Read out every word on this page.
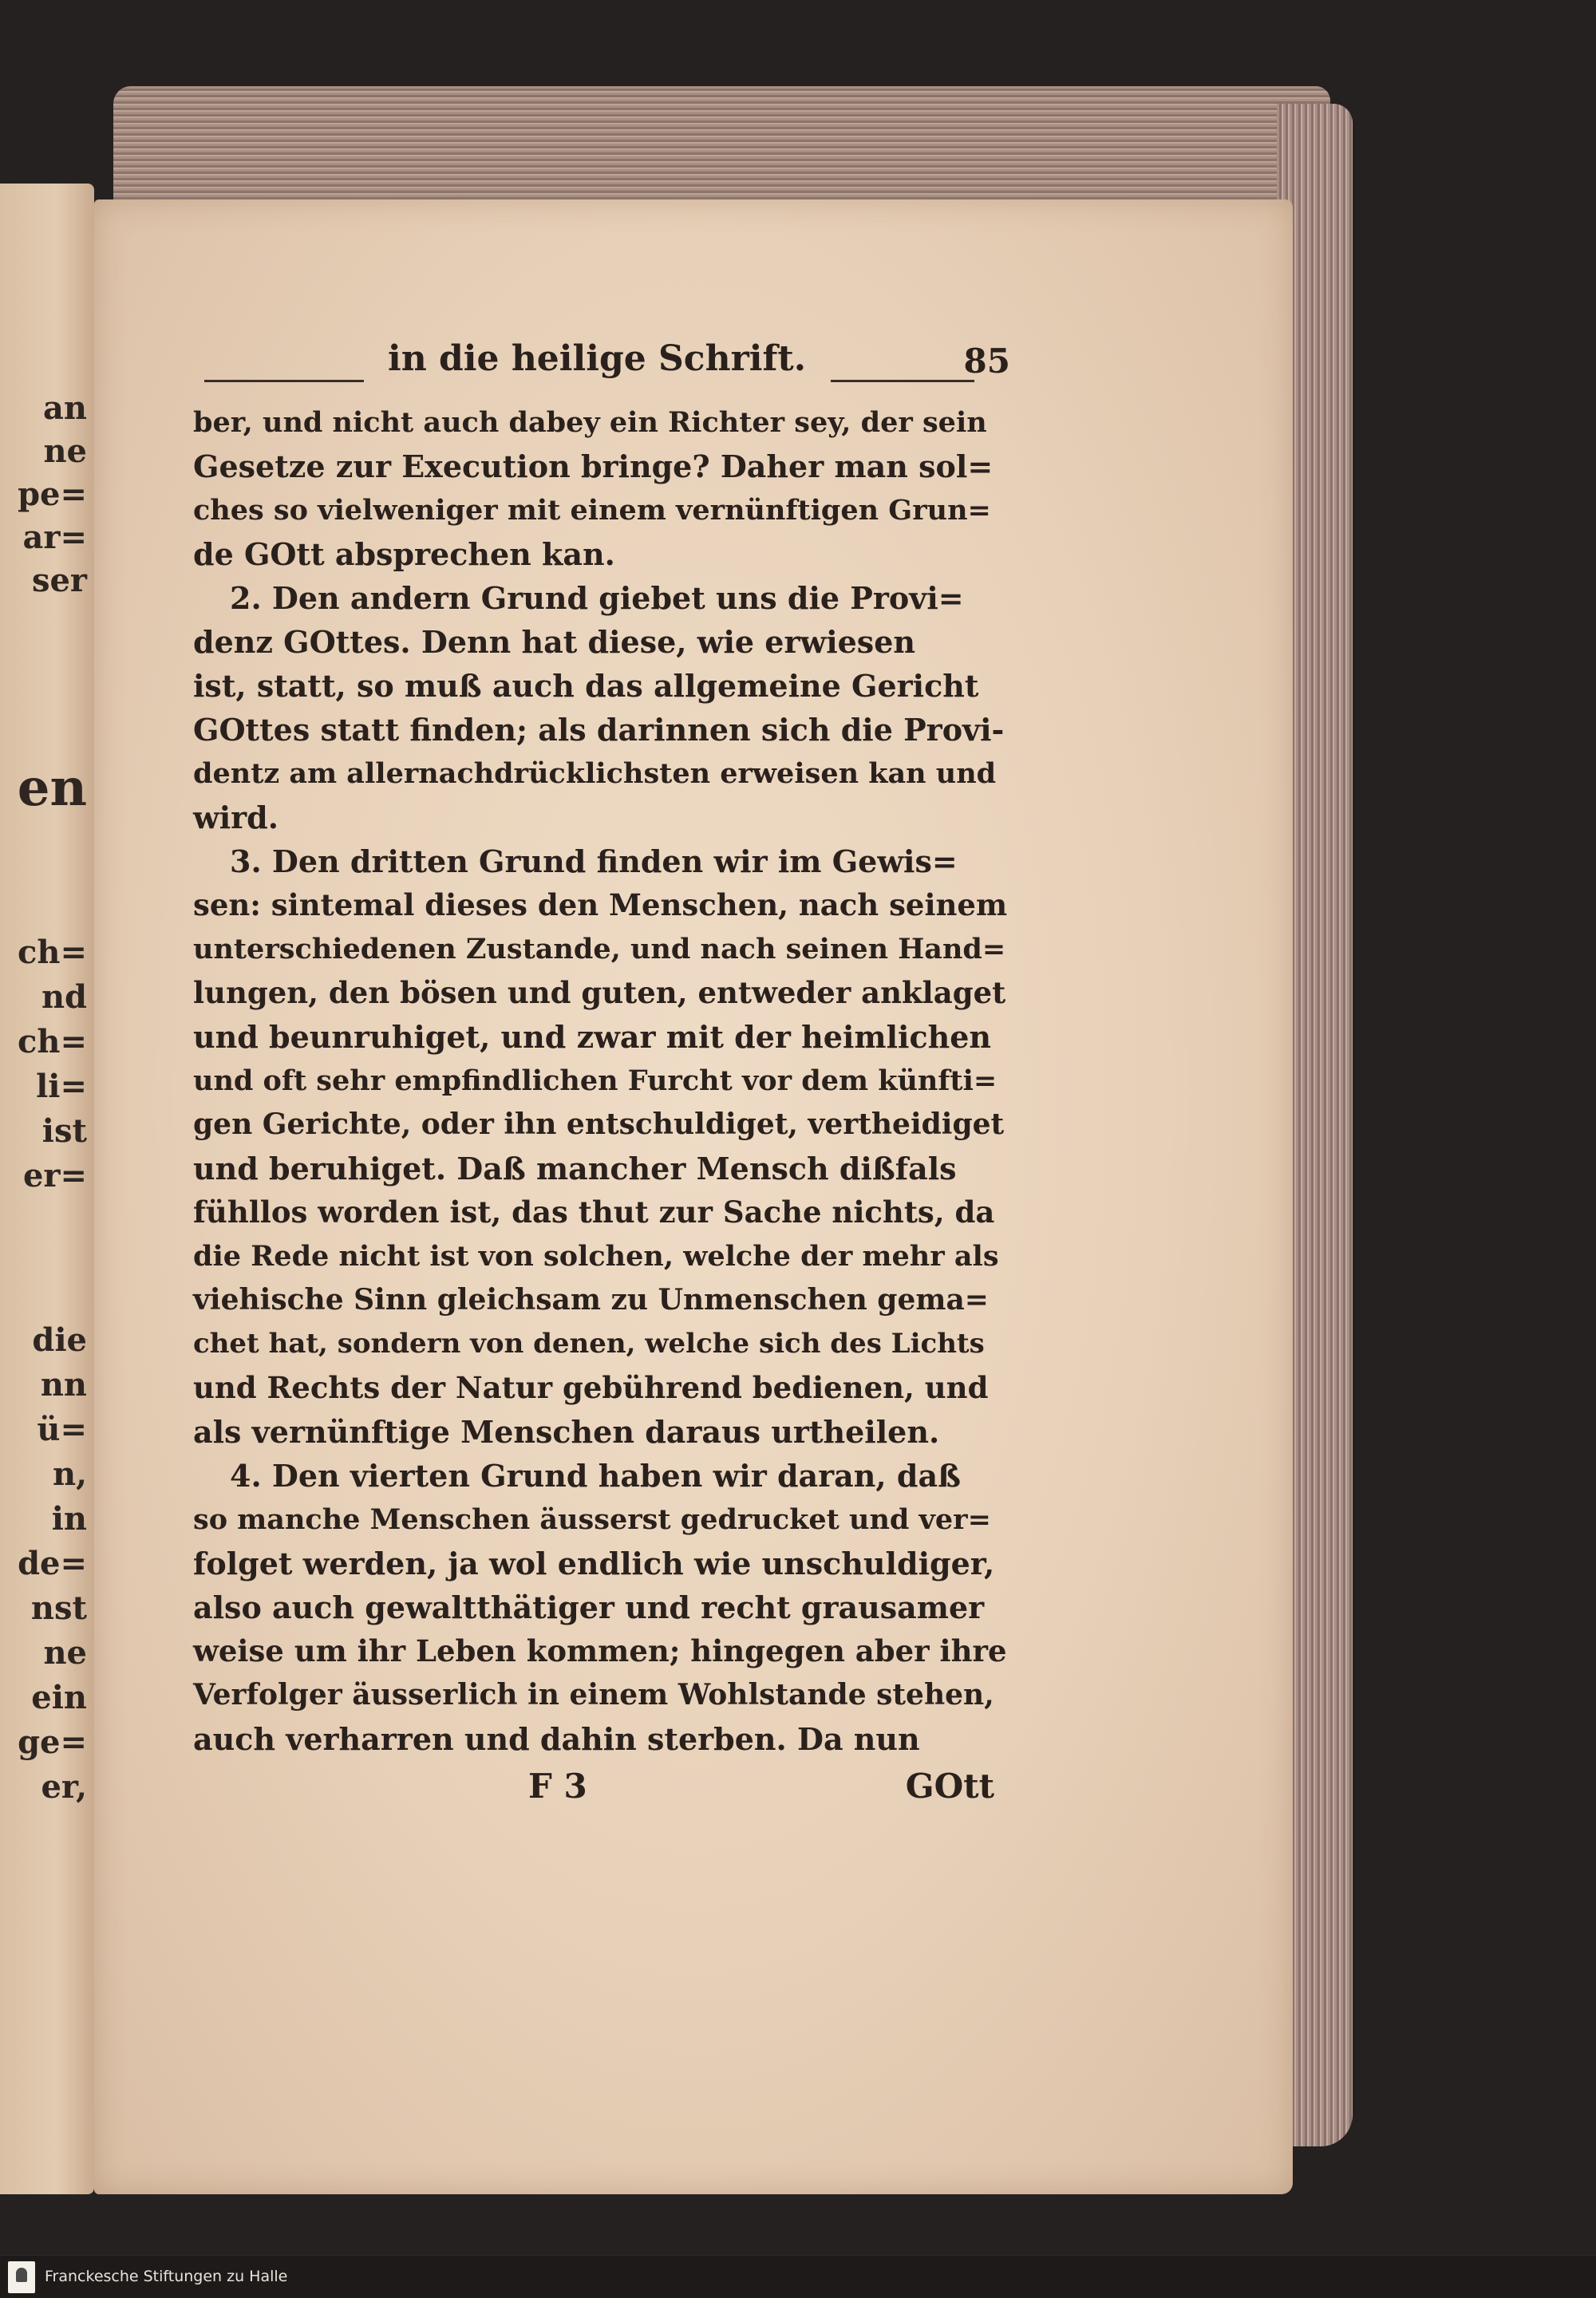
an
ne
pe=
ar=
ser
en
ch=
nd
ch=
li=
ist
er=
die
nn
ü=
n,
in
de=
nst
ne
ein
ge=
er,
in die heilige Schrift.	85
ber, und nicht auch dabey ein Richter sey, der sein
Gesetze zur Execution bringe? Daher man sol=
ches so vielweniger mit einem vernünftigen Grun=
de GOtt absprechen kan.
2. Den andern Grund giebet uns die Provi=
denz GOttes. Denn hat diese, wie erwiesen
ist, statt, so muß auch das allgemeine Gericht
GOttes statt finden; als darinnen sich die Provi-
dentz am allernachdrücklichsten erweisen kan und
wird.
3. Den dritten Grund finden wir im Gewis=
sen: sintemal dieses den Menschen, nach seinem
unterschiedenen Zustande, und nach seinen Hand=
lungen, den bösen und guten, entweder anklaget
und beunruhiget, und zwar mit der heimlichen
und oft sehr empfindlichen Furcht vor dem künfti=
gen Gerichte, oder ihn entschuldiget, vertheidiget
und beruhiget. Daß mancher Mensch dißfals
fühllos worden ist, das thut zur Sache nichts, da
die Rede nicht ist von solchen, welche der mehr als
viehische Sinn gleichsam zu Unmenschen gema=
chet hat, sondern von denen, welche sich des Lichts
und Rechts der Natur gebührend bedienen, und
als vernünftige Menschen daraus urtheilen.
4. Den vierten Grund haben wir daran, daß
so manche Menschen äusserst gedrucket und ver=
folget werden, ja wol endlich wie unschuldiger,
also auch gewaltthätiger und recht grausamer
weise um ihr Leben kommen; hingegen aber ihre
Verfolger äusserlich in einem Wohlstande stehen,
auch verharren und dahin sterben. Da nun
F 3	GOtt
Franckesche Stiftungen zu Halle
